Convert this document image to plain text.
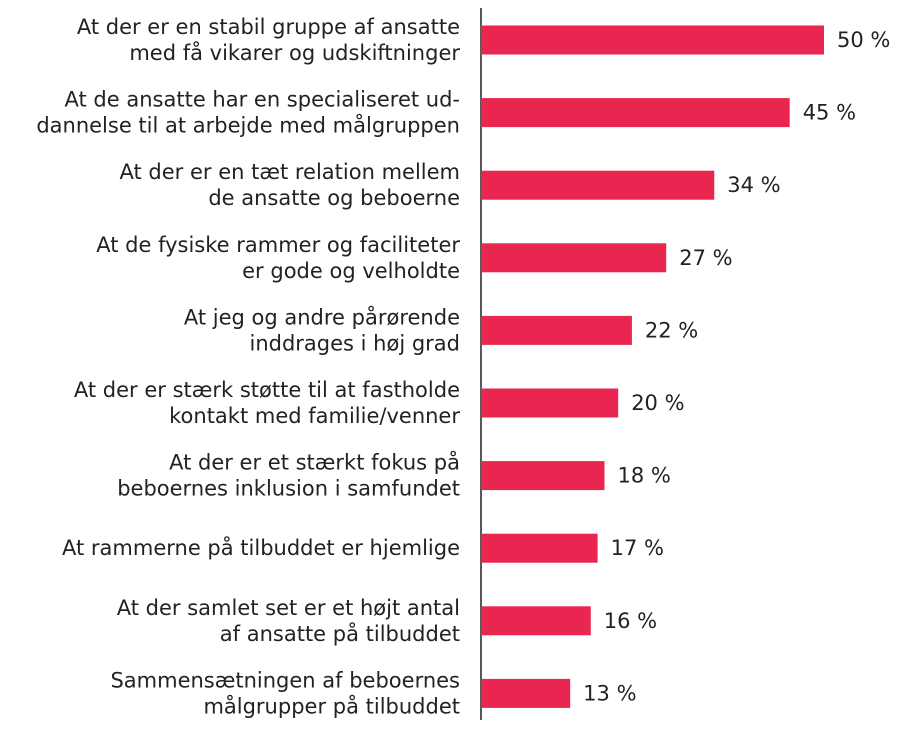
At der er en stabil gruppe af ansatte
med få vikarer og udskiftninger
At de ansatte har en specialiseret ud-
dannelse til at arbejde med målgruppen
At der er en tæt relation mellem
de ansatte og beboerne
At de fysiske rammer og faciliteter
er gode og velholdte
At jeg og andre pårørende
inddrages i høj grad
At der er stærk støtte til at fastholde
kontakt med familie/venner
At der er et stærkt fokus på
beboernes inklusion i samfundet
At rammerne på tilbuddet er hjemlige
At der samlet set er et højt antal
af ansatte på tilbuddet
Sammensætningen af beboernes
målgrupper på tilbuddet
50 %
45 %
34 %
27 %
22 %
20 %
18 %
17 %
16 %
13 %
